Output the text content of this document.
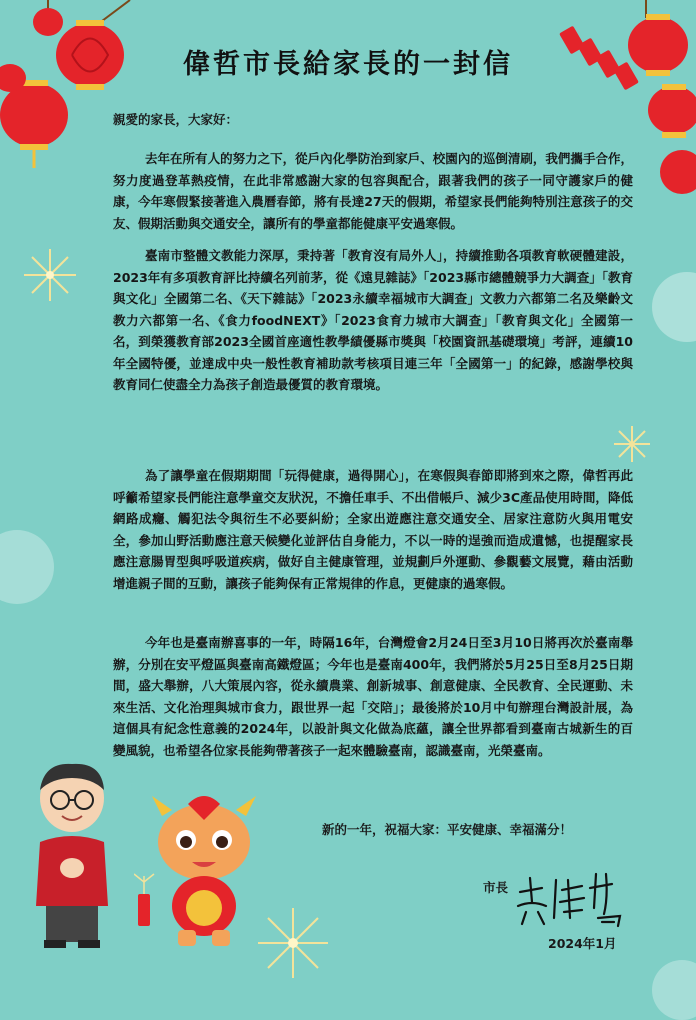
偉哲市長給家長的一封信
親愛的家長，大家好：

去年在所有人的努力之下，從戶內化學防治到家戶、校園內的巡倒清刷，我們攜手合作，努力度過登革熱疫情，在此非常感謝大家的包容與配合，跟著我們的孩子一同守護家戶的健康，今年寒假緊接著進入農曆春節，將有長達27天的假期，希望家長們能夠特別注意孩子的交友、假期活動與交通安全，讓所有的學童都能健康平安過寒假。

臺南市整體文教能力深厚，秉持著「教育沒有局外人」，持續推動各項教育軟硬體建設，2023年有多項教育評比持續名列前茅，從《遠見雜誌》「2023縣市總體競爭力大調查」「教育與文化」全國第二名、《天下雜誌》「2023永續幸福城市大調查」文教力六都第二名及樂齡文教力六都第一名、《食力foodNEXT》「2023食育力城市大調查」「教育與文化」全國第一名，到榮獲教育部2023全國首座適性教學績優縣市獎與「校園資訊基礎環境」考評，連續10年全國特優，並達成中央一般性教育補助款考核項目連三年「全國第一」的紀錄，感謝學校與教育同仁使盡全力為孩子創造最優質的教育環境。

為了讓學童在假期期間「玩得健康，過得開心」，在寒假與春節即將到來之際，偉哲再此呼籲希望家長們能注意學童交友狀況，不擔任車手、不出借帳戶、減少3C產品使用時間，降低網路成癮、觸犯法令與衍生不必要糾紛；全家出遊應注意交通安全、居家注意防火與用電安全，參加山野活動應注意天候變化並評估自身能力，不以一時的逞強而造成遺憾，也提醒家長應注意腸胃型與呼吸道疾病，做好自主健康管理，並規劃戶外運動、參觀藝文展覽，藉由活動增進親子間的互動，讓孩子能夠保有正常規律的作息，更健康的過寒假。

今年也是臺南辦喜事的一年，時隔16年，台灣燈會2月24日至3月10日將再次於臺南舉辦，分別在安平燈區與臺南高鐵燈區；今年也是臺南400年，我們將於5月25日至8月25日期間，盛大舉辦，八大策展內容，從永續農業、創新城事、創意健康、全民教育、全民運動、未來生活、文化治理與城市食力，跟世界一起「交陪」；最後將於10月中旬辦理台灣設計展，為這個具有紀念性意義的2024年，以設計與文化做為底蘊，讓全世界都看到臺南古城新生的百變風貌，也希望各位家長能夠帶著孩子一起來體驗臺南，認識臺南，光榮臺南。

新的一年，祝福大家：平安健康、幸福滿分！
市長
2024年1月
